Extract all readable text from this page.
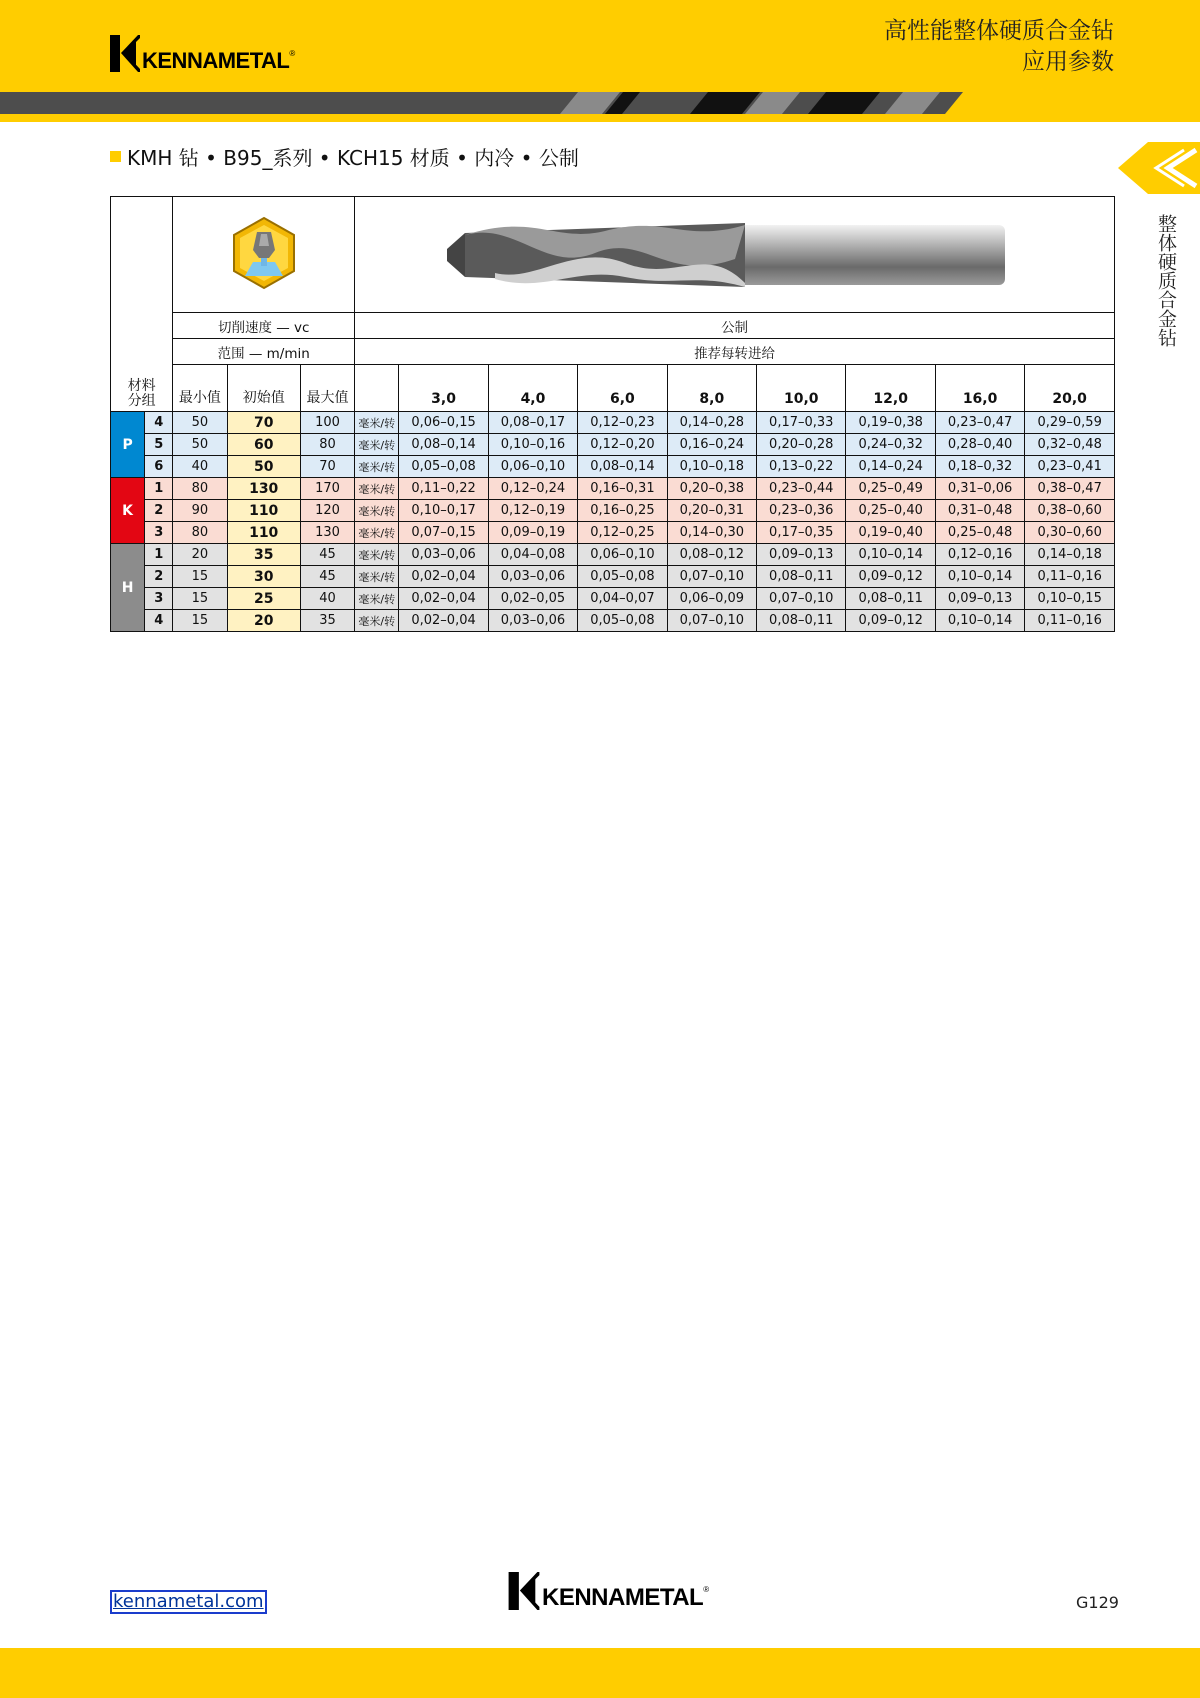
KENNAMETAL®
高性能整体硬质合金钻
应用参数
KMH 钻 • B95_系列 • KCH15 材质 • 内冷 • 公制
整体硬质合金钻

		切削速度 — vc			公制								
		范围 — m/min			推荐每转进给								
材料
分组		最小值	初始值	最大值		3,0	4,0	6,0	8,0	10,0	12,0	16,0	20,0
P	4	50	70	100	毫米/转	0,06–0,15	0,08–0,17	0,12–0,23	0,14–0,28	0,17–0,33	0,19–0,38	0,23–0,47	0,29–0,59
	5	50	60	80	毫米/转	0,08–0,14	0,10–0,16	0,12–0,20	0,16–0,24	0,20–0,28	0,24–0,32	0,28–0,40	0,32–0,48
	6	40	50	70	毫米/转	0,05–0,08	0,06–0,10	0,08–0,14	0,10–0,18	0,13–0,22	0,14–0,24	0,18–0,32	0,23–0,41
K	1	80	130	170	毫米/转	0,11–0,22	0,12–0,24	0,16–0,31	0,20–0,38	0,23–0,44	0,25–0,49	0,31–0,06	0,38–0,47
	2	90	110	120	毫米/转	0,10–0,17	0,12–0,19	0,16–0,25	0,20–0,31	0,23–0,36	0,25–0,40	0,31–0,48	0,38–0,60
	3	80	110	130	毫米/转	0,07–0,15	0,09–0,19	0,12–0,25	0,14–0,30	0,17–0,35	0,19–0,40	0,25–0,48	0,30–0,60
H	1	20	35	45	毫米/转	0,03–0,06	0,04–0,08	0,06–0,10	0,08–0,12	0,09–0,13	0,10–0,14	0,12–0,16	0,14–0,18
	2	15	30	45	毫米/转	0,02–0,04	0,03–0,06	0,05–0,08	0,07–0,10	0,08–0,11	0,09–0,12	0,10–0,14	0,11–0,16
	3	15	25	40	毫米/转	0,02–0,04	0,02–0,05	0,04–0,07	0,06–0,09	0,07–0,10	0,08–0,11	0,09–0,13	0,10–0,15
	4	15	20	35	毫米/转	0,02–0,04	0,03–0,06	0,05–0,08	0,07–0,10	0,08–0,11	0,09–0,12	0,10–0,14	0,11–0,16
kennametal.com	KENNAMETAL®
G129
